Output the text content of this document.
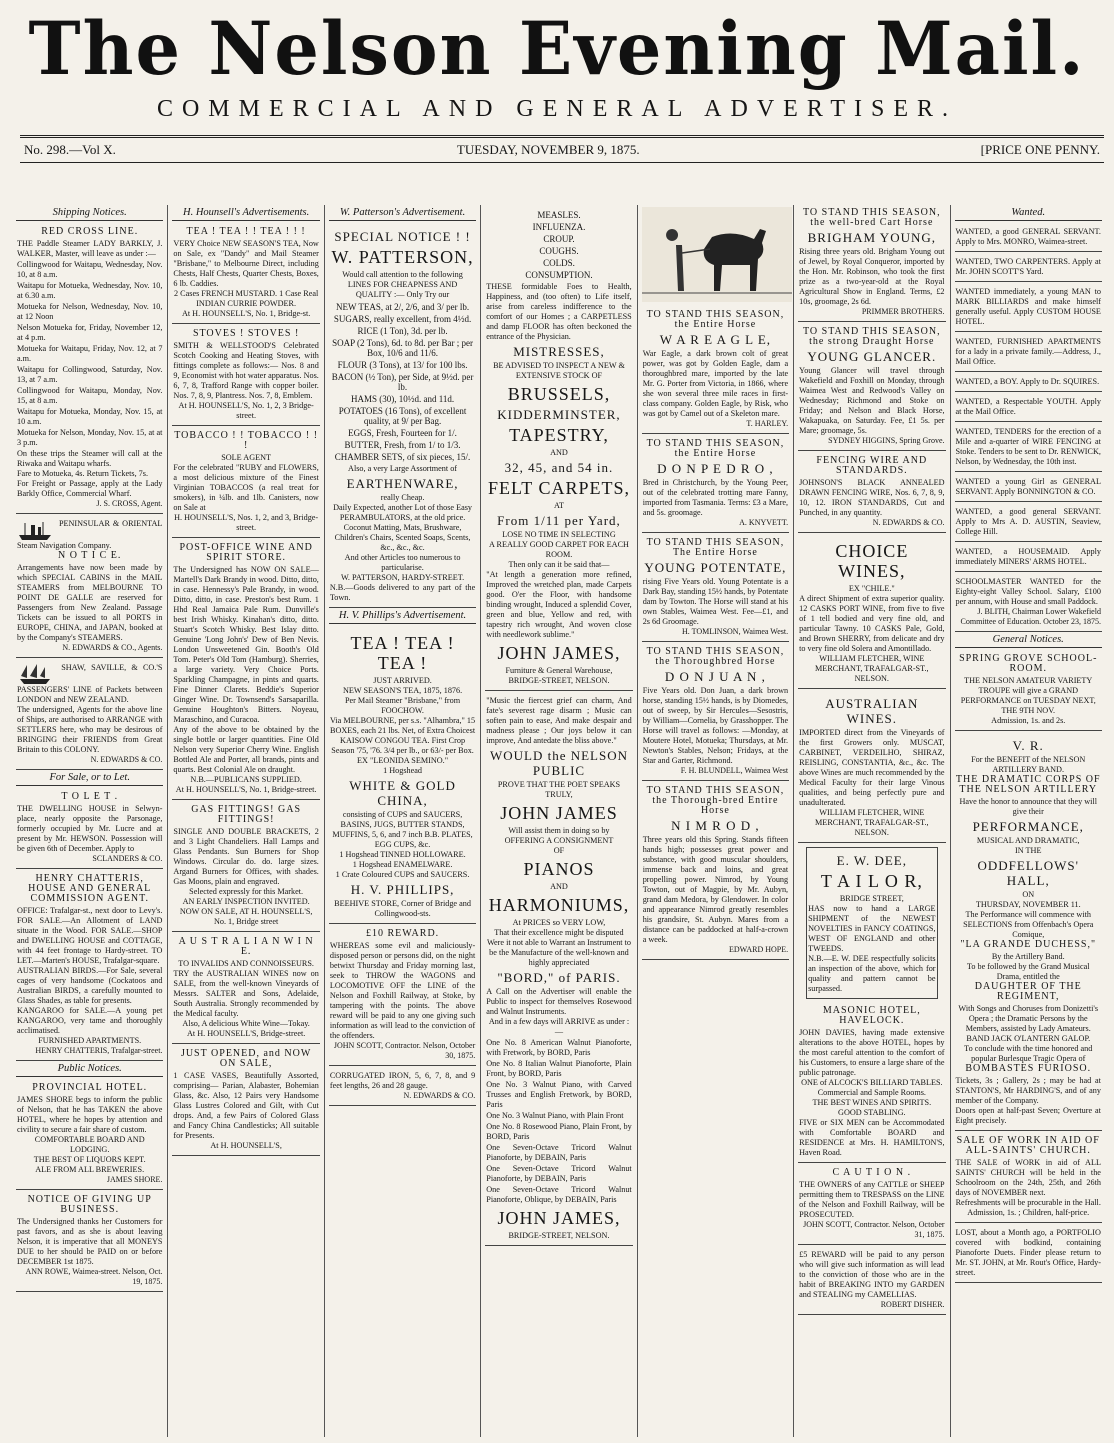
The Nelson Evening Mail.
COMMERCIAL AND GENERAL ADVERTISER.
No. 298.—Vol X.	TUESDAY, NOVEMBER 9, 1875.	[PRICE ONE PENNY.
Shipping Notices.
RED CROSS LINE.
THE Paddle Steamer LADY BARKLY, J. WALKER, Master, will leave as under :—
Collingwood for Waitapu, Wednesday, Nov. 10, at 8 a.m.
Waitapu for Motueka, Wednesday, Nov. 10, at 6.30 a.m.
Motueka for Nelson, Wednesday, Nov. 10, at 12 Noon
Nelson Motueka for, Friday, November 12, at 4 p.m.
Motueka for Waitapu, Friday, Nov. 12, at 7 a.m.
Waitapu for Collingwood, Saturday, Nov. 13, at 7 a.m.
Collingwood for Waitapu, Monday, Nov. 15, at 8 a.m.
Waitapu for Motueka, Monday, Nov. 15, at 10 a.m.
Motueka for Nelson, Monday, Nov. 15, at at 3 p.m.
On these trips the Steamer will call at the Riwaka and Waitapu wharfs.
Fare to Motueka, 4s. Return Tickets, 7s.
For Freight or Passage, apply at the Lady Barkly Office, Commercial Wharf.
J. S. CROSS, Agent.
PENINSULAR & ORIENTAL Steam Navigation Company.
N O T I C E.
Arrangements have now been made by which SPECIAL CABINS in the MAIL STEAMERS from MELBOURNE TO POINT DE GALLE are reserved for Passengers from New Zealand. Passage Tickets can be issued to all PORTS in EUROPE, CHINA, and JAPAN, booked at by the Company's STEAMERS.
N. EDWARDS & CO., Agents.
SHAW, SAVILLE, & CO.'S PASSENGERS' LINE of Packets between LONDON and NEW ZEALAND.
The undersigned, Agents for the above line of Ships, are authorised to ARRANGE with SETTLERS here, who may be desirous of BRINGING their FRIENDS from Great Britain to this COLONY.
N. EDWARDS & CO.
For Sale, or to Let.
T O L E T .
THE DWELLING HOUSE in Selwyn-place, nearly opposite the Parsonage, formerly occupied by Mr. Lucre and at present by Mr. HEWSON. Possession will be given 6th of December. Apply to
SCLANDERS & CO.
HENRY CHATTERIS, HOUSE AND GENERAL COMMISSION AGENT.
OFFICE: Trafalgar-st., next door to Levy's. FOR SALE.—An Allotment of LAND situate in the Wood. FOR SALE.—SHOP and DWELLING HOUSE and COTTAGE, with 44 feet frontage to Hardy-street. TO LET.—Marten's HOUSE, Trafalgar-square.
AUSTRALIAN BIRDS.—For Sale, several cages of very handsome (Cockatoos and Australian BIRDS, a carefully mounted to Glass Shades, as table for presents.
KANGAROO for SALE.—A young pet KANGAROO, very tame and thoroughly acclimatised.
FURNISHED APARTMENTS.
HENRY CHATTERIS, Trafalgar-street.
Public Notices.
PROVINCIAL HOTEL.
JAMES SHORE begs to inform the public of Nelson, that he has TAKEN the above HOTEL, where he hopes by attention and civility to secure a fair share of custom.
COMFORTABLE BOARD AND LODGING.
THE BEST OF LIQUORS KEPT.
ALE FROM ALL BREWERIES.
JAMES SHORE.
NOTICE OF GIVING UP BUSINESS.
The Undersigned thanks her Customers for past favors, and as she is about leaving Nelson, it is imperative that all MONEYS DUE to her should be PAID on or before DECEMBER 1st 1875.
ANN ROWE, Waimea-street. Nelson, Oct. 19, 1875.
H. Hounsell's Advertisements.
TEA ! TEA ! ! TEA ! ! !
VERY Choice NEW SEASON'S TEA, Now on Sale, ex "Dandy" and Mail Steamer "Brisbane," to Melbourne Direct, including Chests, Half Chests, Quarter Chests, Boxes, 6 lb. Caddies.
2 Cases FRENCH MUSTARD. 1 Case Real INDIAN CURRIE POWDER.
At H. HOUNSELL'S, No. 1, Bridge-st.
STOVES ! STOVES !
SMITH & WELLSTOOD'S Celebrated Scotch Cooking and Heating Stoves, with fittings complete as follows:— Nos. 8 and 9, Economist with hot water apparatus. Nos. 6, 7, 8, Trafford Range with copper boiler. Nos. 7, 8, 9, Plantress. Nos. 7, 8, Emblem.
At H. HOUNSELL'S, No. 1, 2, 3 Bridge-street.
TOBACCO ! ! TOBACCO ! ! !
SOLE AGENT
For the celebrated "RUBY and FLOWERS, a most delicious mixture of the Finest Virginian TOBACCOS (a real treat for smokers), in ¼lb. and 1lb. Canisters, now on Sale at
H. HOUNSELL'S, Nos. 1, 2, and 3, Bridge-street.
POST-OFFICE WINE AND SPIRIT STORE.
The Undersigned has NOW ON SALE— Martell's Dark Brandy in wood. Ditto, ditto, in case. Hennessy's Pale Brandy, in wood. Ditto, ditto, in case. Preston's best Rum. 1 Hhd Real Jamaica Pale Rum. Dunville's best Irish Whisky. Kinahan's ditto, ditto. Stuart's Scotch Whisky. Best Islay ditto. Genuine 'Long John's' Dew of Ben Nevis. London Unsweetened Gin. Booth's Old Tom. Peter's Old Tom (Hamburg). Sherries, a large variety. Very Choice Ports. Sparkling Champagne, in pints and quarts. Fine Dinner Clarets. Beddie's Superior Ginger Wine. Dr. Townsend's Sarsaparilla. Genuine Houghton's Bitters. Noyeau, Maraschino, and Curacoa.
Any of the above to be obtained by the single bottle or larger quantities. Fine Old Nelson very Superior Cherry Wine. English Bottled Ale and Porter, all brands, pints and quarts. Best Colonial Ale on draught.
N.B.—PUBLICANS SUPPLIED.
At H. HOUNSELL'S, No. 1, Bridge-street.
GAS FITTINGS! GAS FITTINGS!
SINGLE AND DOUBLE BRACKETS, 2 and 3 Light Chandeliers. Hall Lamps and Glass Pendants. Sun Burners for Shop Windows. Circular do. do. large sizes. Argand Burners for Offices, with shades. Gas Moons, plain and engraved.
Selected expressly for this Market.
AN EARLY INSPECTION INVITED.
NOW ON SALE, AT H. HOUNSELL'S, No. 1, Bridge street
A U S T R A L I A N W I N E.
TO INVALIDS AND CONNOISSEURS.
TRY the AUSTRALIAN WINES now on SALE, from the well-known Vineyards of Messrs. SALTER and Sons, Adelaide, South Australia. Strongly recommended by the Medical faculty.
Also, A delicious White Wine—Tokay.
At H. HOUNSELL'S, Bridge-street.
JUST OPENED, and NOW ON SALE,
1 CASE VASES, Beautifully Assorted, comprising— Parian, Alabaster, Bohemian Glass, &c. Also, 12 Pairs very Handsome Glass Lustres Colored and Gilt, with Cut drops. And, a few Pairs of Colored Glass and Fancy China Candlesticks; All suitable for Presents.
At H. HOUNSELL'S,
W. Patterson's Advertisement.
SPECIAL NOTICE ! !
W. PATTERSON,
Would call attention to the following LINES FOR CHEAPNESS AND QUALITY :— Only Try our
NEW TEAS, at 2/, 2/6, and 3/ per lb.
SUGARS, really excellent, from 4½d.
RICE (1 Ton), 3d. per lb.
SOAP (2 Tons), 6d. to 8d. per Bar ; per Box, 10/6 and 11/6.
FLOUR (3 Tons), at 13/ for 100 lbs.
BACON (½ Ton), per Side, at 9½d. per lb.
HAMS (30), 10½d. and 11d.
POTATOES (16 Tons), of excellent quality, at 9/ per Bag.
EGGS, Fresh, Fourteen for 1/.
BUTTER, Fresh, from 1/ to 1/3.
CHAMBER SETS, of six pieces, 15/.
Also, a very Large Assortment of
EARTHENWARE,
really Cheap.
Daily Expected, another Lot of those Easy PERAMBULATORS, at the old price.
Coconut Matting, Mats, Brushware, Children's Chairs, Scented Soaps, Scents, &c., &c., &c.
And other Articles too numerous to particularise.
W. PATTERSON, HARDY-STREET.
N.B.—Goods delivered to any part of the Town.
H. V. Phillips's Advertisement.
TEA ! TEA ! TEA !
JUST ARRIVED.
NEW SEASON'S TEA, 1875, 1876.
Per Mail Steamer "Brisbane," from FOOCHOW.
Via MELBOURNE, per s.s. "Alhambra," 15 BOXES, each 21 lbs. Net, of Extra Choicest KAISOW CONGOU TEA. First Crop Season '75, '76. 3/4 per lb., or 63/- per Box.
EX "LEONIDA SEMINO."
1 Hogshead
WHITE & GOLD CHINA,
consisting of CUPS and SAUCERS, BASINS, JUGS, BUTTER STANDS, MUFFINS, 5, 6, and 7 inch B.B. PLATES, EGG CUPS, &c.
1 Hogshead TINNED HOLLOWARE.
1 Hogshead ENAMELWARE.
1 Crate Coloured CUPS and SAUCERS.
H. V. PHILLIPS,
BEEHIVE STORE, Corner of Bridge and Collingwood-sts.
£10 REWARD.
WHEREAS some evil and maliciously-disposed person or persons did, on the night betwixt Thursday and Friday morning last, seek to THROW the WAGONS and LOCOMOTIVE OFF the LINE of the Nelson and Foxhill Railway, at Stoke, by tampering with the points. The above reward will be paid to any one giving such information as will lead to the conviction of the offenders.
JOHN SCOTT, Contractor. Nelson, October 30, 1875.
CORRUGATED IRON, 5, 6, 7, 8, and 9 feet lengths, 26 and 28 gauge.
N. EDWARDS & CO.
MEASLES.
INFLUENZA.
CROUP.
COUGHS.
COLDS.
CONSUMPTION.
THESE formidable Foes to Health, Happiness, and (too often) to Life itself, arise from careless indifference to the comfort of our Homes ; a CARPETLESS and damp FLOOR has often beckoned the entrance of the Physician.
MISTRESSES,
BE ADVISED TO INSPECT A NEW & EXTENSIVE STOCK OF
BRUSSELS,
KIDDERMINSTER,
TAPESTRY,
AND
32, 45, and 54 in.
FELT CARPETS,
AT
From 1/11 per Yard,
LOSE NO TIME IN SELECTING
A REALLY GOOD CARPET FOR EACH ROOM.
Then only can it be said that—
"At length a generation more refined, Improved the wretched plan, made Carpets good. O'er the Floor, with handsome binding wrought, Induced a splendid Cover, green and blue, Yellow and red, with tapestry rich wrought, And woven close with needlework sublime."
JOHN JAMES,
Furniture & General Warehouse,
BRIDGE-STREET, NELSON.
"Music the fiercest grief can charm, And fate's severest rage disarm ; Music can soften pain to ease, And make despair and madness please ; Our joys below it can improve, And antedate the bliss above."
WOULD the NELSON PUBLIC
PROVE THAT THE POET SPEAKS TRULY,
JOHN JAMES
Will assist them in doing so by
OFFERING A CONSIGNMENT
OF
PIANOS
AND
HARMONIUMS,
At PRICES so VERY LOW,
That their excellence might be disputed
Were it not able to Warrant an Instrument to be the Manufacture of the well-known and highly appreciated
"BORD," of PARIS.
A Call on the Advertiser will enable the Public to inspect for themselves Rosewood and Walnut Instruments.
And in a few days will ARRIVE as under :—
One No. 8 American Walnut Pianoforte, with Fretwork, by BORD, Paris
One No. 8 Italian Walnut Pianoforte, Plain Front, by BORD, Paris
One No. 3 Walnut Piano, with Carved Trusses and English Fretwork, by BORD, Paris
One No. 3 Walnut Piano, with Plain Front
One No. 8 Rosewood Piano, Plain Front, by BORD, Paris
One Seven-Octave Tricord Walnut Pianoforte, by DEBAIN, Paris
One Seven-Octave Tricord Walnut Pianoforte, by DEBAIN, Paris
One Seven-Octave Tricord Walnut Pianoforte, Oblique, by DEBAIN, Paris
JOHN JAMES,
BRIDGE-STREET, NELSON.
TO STAND THIS SEASON, the Entire Horse
W A R E A G L E,
War Eagle, a dark brown colt of great power, was got by Golden Eagle, dam a thoroughbred mare, imported by the late Mr. G. Porter from Victoria, in 1866, where she won several three mile races in first-class company. Golden Eagle, by Risk, who was got by Camel out of a Skeleton mare.
T. HARLEY.
TO STAND THIS SEASON, the Entire Horse
D O N P E D R O ,
Bred in Christchurch, by the Young Peer, out of the celebrated trotting mare Fanny, imported from Tasmania. Terms: £3 a Mare, and 5s. groomage.
A. KNYVETT.
TO STAND THIS SEASON, The Entire Horse
YOUNG POTENTATE,
rising Five Years old. Young Potentate is a Dark Bay, standing 15½ hands, by Potentate dam by Towton. The Horse will stand at his own Stables, Waimea West. Fee—£1, and 2s 6d Groomage.
H. TOMLINSON, Waimea West.
TO STAND THIS SEASON, the Thoroughbred Horse
D O N J U A N ,
Five Years old. Don Juan, a dark brown horse, standing 15½ hands, is by Diomedes, out of sweep, by Sir Hercules—Sesostris, by William—Cornelia, by Grasshopper. The Horse will travel as follows: —Monday, at Moutere Hotel, Motueka; Thursdays, at Mr. Newton's Stables, Nelson; Fridays, at the Star and Garter, Richmond.
F. H. BLUNDELL, Waimea West
TO STAND THIS SEASON, the Thorough-bred Entire Horse
N I M R O D ,
Three years old this Spring. Stands fifteen hands high; possesses great power and substance, with good muscular shoulders, immense back and loins, and great propelling power. Nimrod, by Young Towton, out of Magpie, by Mr. Aubyn, grand dam Medora, by Glendower. In color and appearance Nimrod greatly resembles his grandsire, St. Aubyn. Mares from a distance can be paddocked at half-a-crown a week.
EDWARD HOPE.
TO STAND THIS SEASON, the well-bred Cart Horse
BRIGHAM YOUNG,
Rising three years old. Brigham Young out of Jewel, by Royal Conqueror, imported by the Hon. Mr. Robinson, who took the first prize as a two-year-old at the Royal Agricultural Show in England. Terms, £2 10s, groomage, 2s 6d.
PRIMMER BROTHERS.
TO STAND THIS SEASON, the strong Draught Horse
YOUNG GLANCER.
Young Glancer will travel through Wakefield and Foxhill on Monday, through Waimea West and Redwood's Valley on Wednesday; Richmond and Stoke on Friday; and Nelson and Black Horse, Wakapuaka, on Saturday. Fee, £1 5s. per Mare; groomage, 5s.
SYDNEY HIGGINS, Spring Grove.
FENCING WIRE AND STANDARDS.
JOHNSON'S BLACK ANNEALED DRAWN FENCING WIRE, Nos. 6, 7, 8, 9, 10, 12. IRON STANDARDS, Cut and Punched, in any quantity.
N. EDWARDS & CO.
CHOICE WINES,
EX "CHILE."
A direct Shipment of extra superior quality. 12 CASKS PORT WINE, from five to five of 1 tell bodied and very fine old, and particular Tawny. 10 CASKS Pale, Gold, and Brown SHERRY, from delicate and dry to very fine old Solera and Amontillado.
WILLIAM FLETCHER, WINE MERCHANT, TRAFALGAR-ST., NELSON.
AUSTRALIAN WINES.
IMPORTED direct from the Vineyards of the first Growers only. MUSCAT, CARBINET, VERDEILHO, SHIRAZ, REISLING, CONSTANTIA, &c., &c. The above Wines are much recommended by the Medical Faculty for their large Vinous qualities, and being perfectly pure and unadulterated.
WILLIAM FLETCHER, WINE MERCHANT, TRAFALGAR-ST., NELSON.
E. W. DEE,
T A I L O R,
BRIDGE STREET,
HAS now to hand a LARGE SHIPMENT of the NEWEST NOVELTIES in FANCY COATINGS, WEST OF ENGLAND and other TWEEDS.
N.B.—E. W. DEE respectfully solicits an inspection of the above, which for quality and pattern cannot be surpassed.
MASONIC HOTEL, HAVELOCK.
JOHN DAVIES, having made extensive alterations to the above HOTEL, hopes by the most careful attention to the comfort of his Customers, to ensure a large share of the public patronage.
ONE of ALCOCK'S BILLIARD TABLES.
Commercial and Sample Rooms.
THE BEST WINES AND SPIRITS.
GOOD STABLING.
FIVE or SIX MEN can be Accommodated with Comfortable BOARD and RESIDENCE at Mrs. H. HAMILTON'S, Haven Road.
C A U T I O N .
THE OWNERS of any CATTLE or SHEEP permitting them to TRESPASS on the LINE of the Nelson and Foxhill Railway, will be PROSECUTED.
JOHN SCOTT, Contractor. Nelson, October 31, 1875.
£5 REWARD will be paid to any person who will give such information as will lead to the conviction of those who are in the habit of BREAKING INTO my GARDEN and STEALING my CAMELLIAS.
ROBERT DISHER.
Wanted.
WANTED, a good GENERAL SERVANT. Apply to Mrs. MONRO, Waimea-street.
WANTED, TWO CARPENTERS. Apply at Mr. JOHN SCOTT'S Yard.
WANTED immediately, a young MAN to MARK BILLIARDS and make himself generally useful. Apply CUSTOM HOUSE HOTEL.
WANTED, FURNISHED APARTMENTS for a lady in a private family.—Address, J., Mail Office.
WANTED, a BOY. Apply to Dr. SQUIRES.
WANTED, a Respectable YOUTH. Apply at the Mail Office.
WANTED, TENDERS for the erection of a Mile and a-quarter of WIRE FENCING at Stoke. Tenders to be sent to Dr. RENWICK, Nelson, by Wednesday, the 10th inst.
WANTED a young Girl as GENERAL SERVANT. Apply BONNINGTON & CO.
WANTED, a good general SERVANT. Apply to Mrs A. D. AUSTIN, Seaview, College Hill.
WANTED, a HOUSEMAID. Apply immediately MINERS' ARMS HOTEL.
SCHOOLMASTER WANTED for the Eighty-eight Valley School. Salary, £100 per annum, with House and small Paddock.
J. BLITH, Chairman Lower Wakefield Committee of Education. October 23, 1875.
General Notices.
SPRING GROVE SCHOOL-ROOM.
THE NELSON AMATEUR VARIETY TROUPE will give a GRAND PERFORMANCE on TUESDAY NEXT, THE 9TH NOV.
Admission, 1s. and 2s.
V. R.
For the BENEFIT of the NELSON ARTILLERY BAND.
THE DRAMATIC CORPS OF THE NELSON ARTILLERY
Have the honor to announce that they will give their
PERFORMANCE,
MUSICAL AND DRAMATIC,
IN THE
ODDFELLOWS' HALL,
ON
THURSDAY, NOVEMBER 11.
The Performance will commence with SELECTIONS from Offenbach's Opera Comique,
"LA GRANDE DUCHESS,"
By the Artillery Band.
To be followed by the Grand Musical Drama, entitled the
DAUGHTER OF THE REGIMENT,
With Songs and Choruses from Donizetti's Opera ; the Dramatic Persons by the Members, assisted by Lady Amateurs.
BAND JACK O'LANTERN GALOP.
To conclude with the time honored and popular Burlesque Tragic Opera of
BOMBASTES FURIOSO.
Tickets, 3s ; Gallery, 2s ; may be had at STANTON'S, Mr HARDING'S, and of any member of the Company.
Doors open at half-past Seven; Overture at Eight precisely.
SALE OF WORK IN AID OF ALL-SAINTS' CHURCH.
THE SALE of WORK in aid of ALL SAINTS' CHURCH will be held in the Schoolroom on the 24th, 25th, and 26th days of NOVEMBER next.
Refreshments will be procurable in the Hall.
Admission, 1s. ; Children, half-price.
LOST, about a Month ago, a PORTFOLIO covered with bodkind, containing Pianoforte Duets. Finder please return to Mr. ST. JOHN, at Mr. Rout's Office, Hardy-street.
